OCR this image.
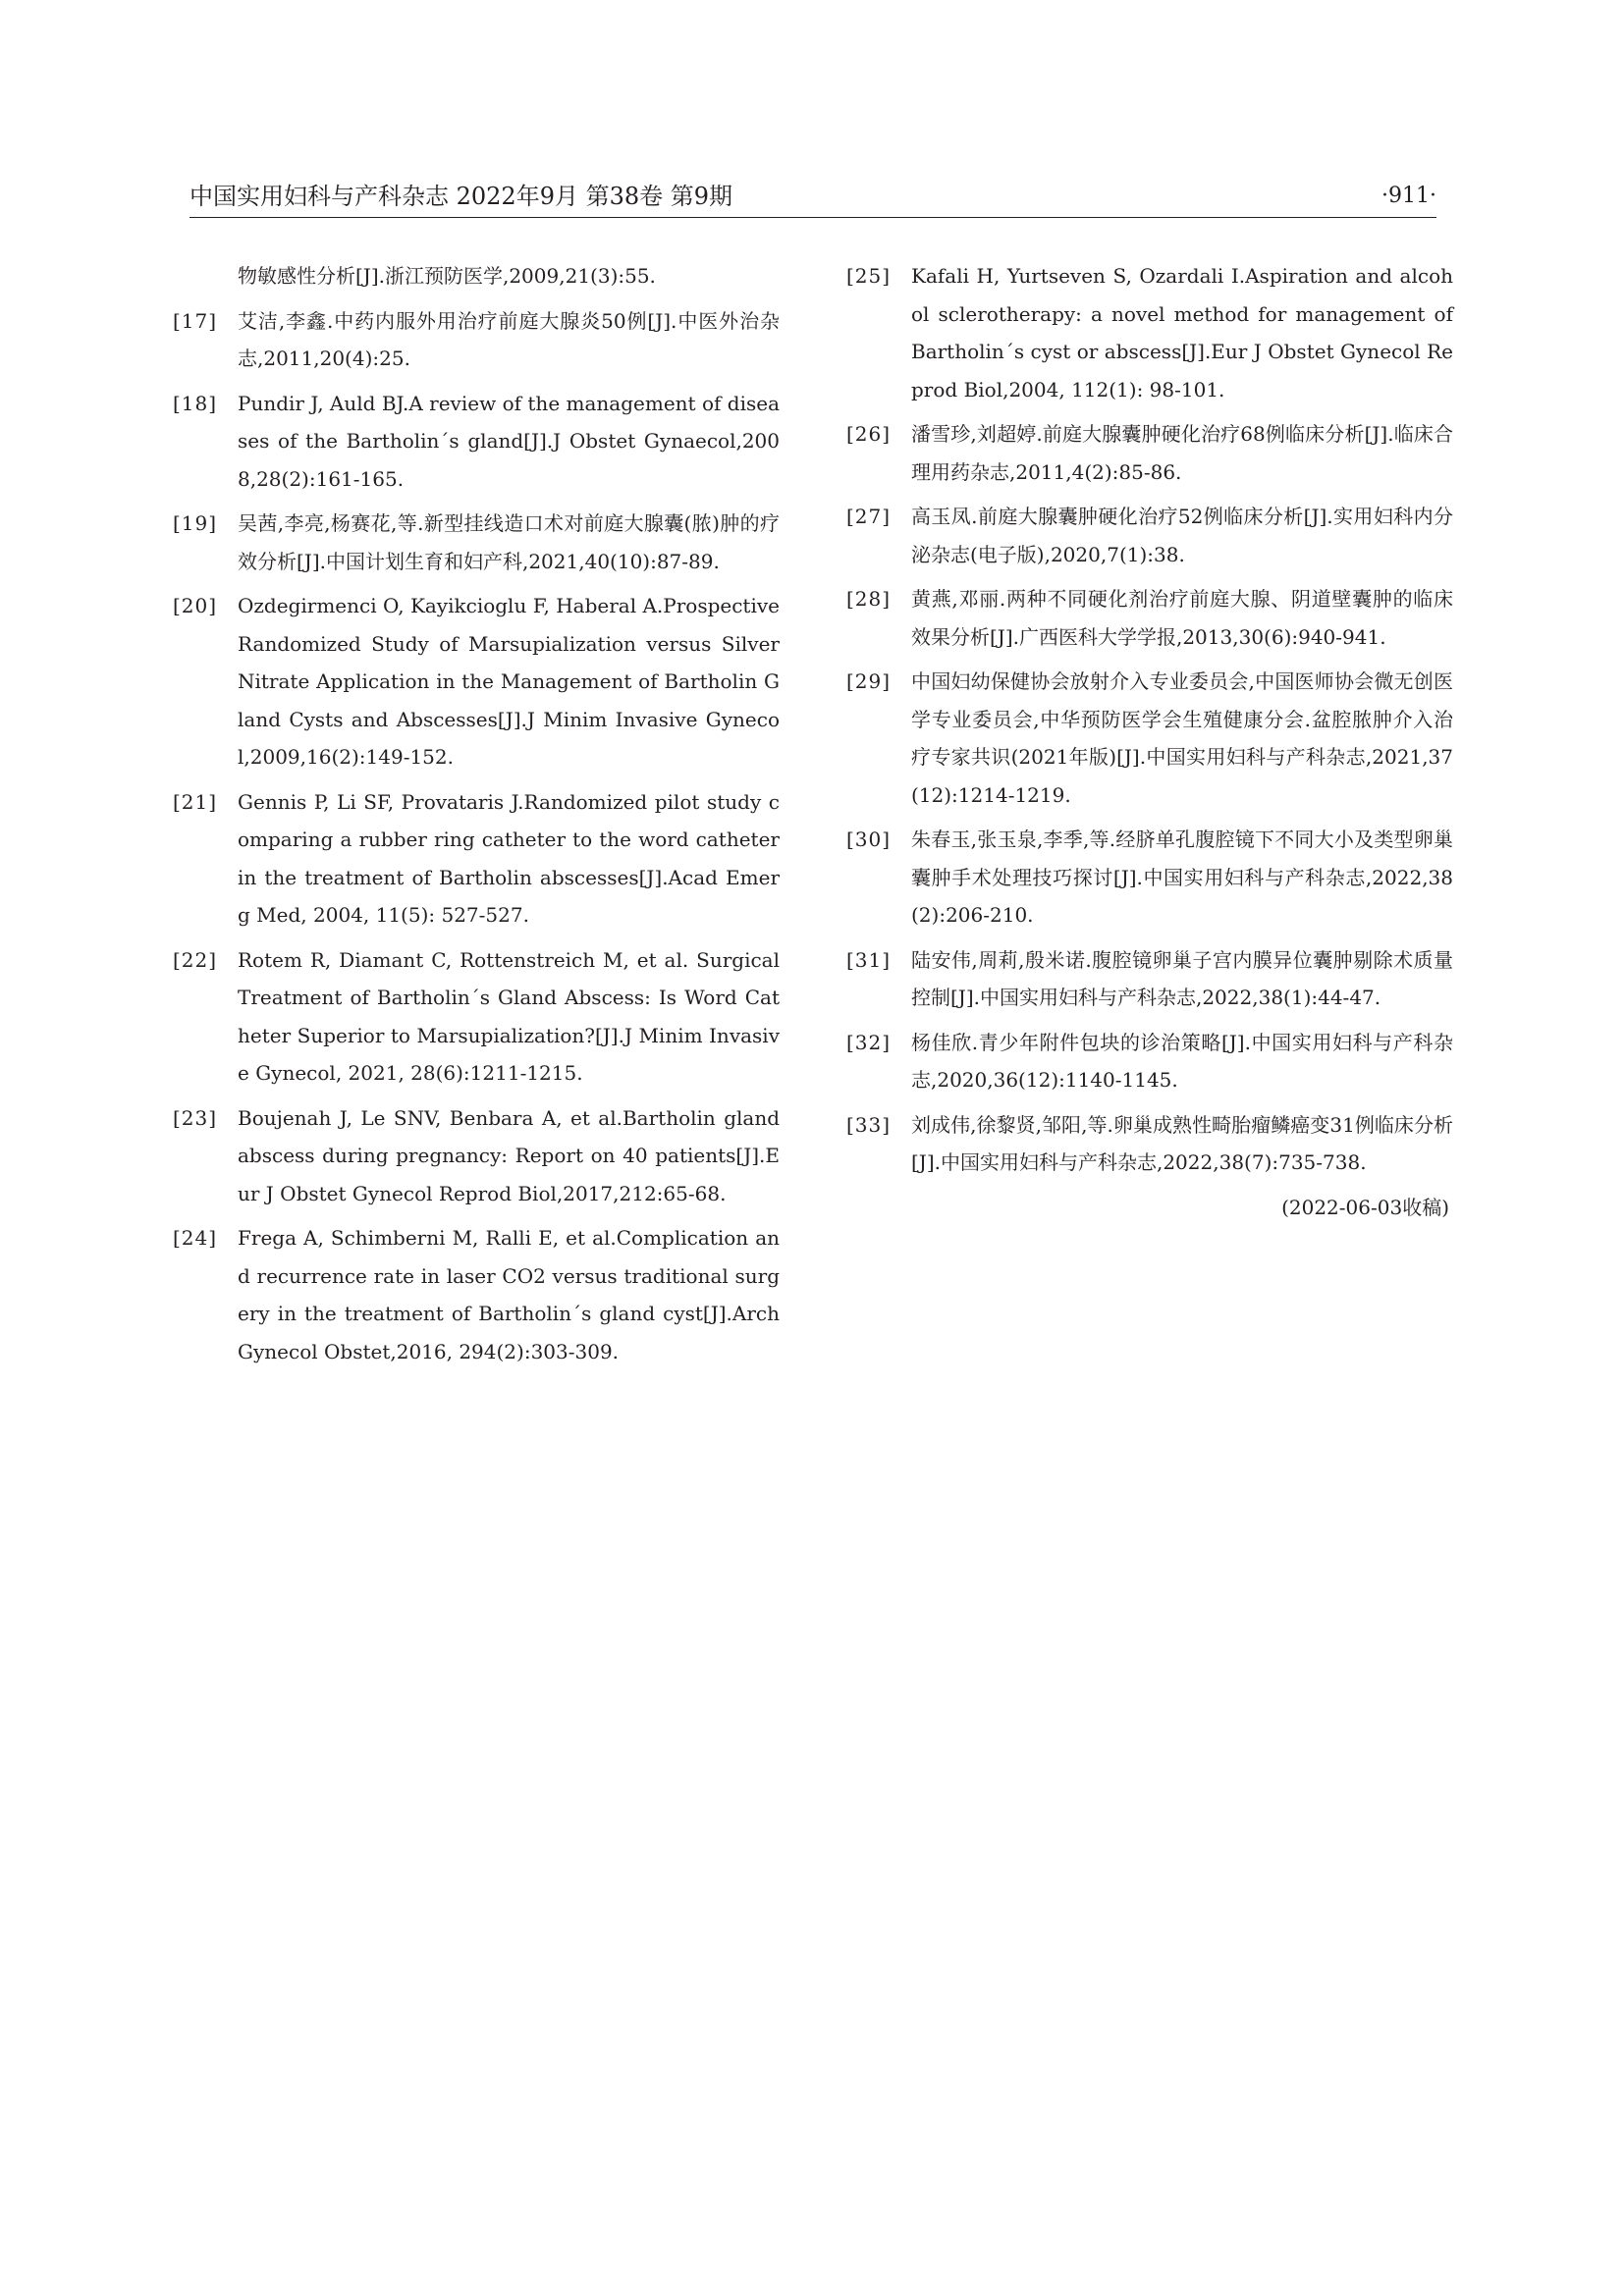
中国实用妇科与产科杂志 2022年9月 第38卷 第9期	·911·
物敏感性分析[J].浙江预防医学,2009,21(3):55.
[17]	艾洁,李鑫.中药内服外用治疗前庭大腺炎50例[J].中医外治杂志,2011,20(4):25.
[18]	Pundir J, Auld BJ.A review of the management of diseases of the Bartholin´s gland[J].J Obstet Gynaecol,2008,28(2):161-165.
[19]	吴茜,李亮,杨赛花,等.新型挂线造口术对前庭大腺囊(脓)肿的疗效分析[J].中国计划生育和妇产科,2021,40(10):87-89.
[20]	Ozdegirmenci O, Kayikcioglu F, Haberal A.Prospective Randomized Study of Marsupialization versus Silver Nitrate Application in the Management of Bartholin Gland Cysts and Abscesses[J].J Minim Invasive Gynecol,2009,16(2):149-152.
[21]	Gennis P, Li SF, Provataris J.Randomized pilot study comparing a rubber ring catheter to the word catheter in the treatment of Bartholin abscesses[J].Acad Emerg Med, 2004, 11(5): 527-527.
[22]	Rotem R, Diamant C, Rottenstreich M, et al. Surgical Treatment of Bartholin´s Gland Abscess: Is Word Catheter Superior to Marsupialization?[J].J Minim Invasive Gynecol, 2021, 28(6):1211-1215.
[23]	Boujenah J, Le SNV, Benbara A, et al.Bartholin gland abscess during pregnancy: Report on 40 patients[J].Eur J Obstet Gynecol Reprod Biol,2017,212:65-68.
[24]	Frega A, Schimberni M, Ralli E, et al.Complication and recurrence rate in laser CO2 versus traditional surgery in the treatment of Bartholin´s gland cyst[J].Arch Gynecol Obstet,2016, 294(2):303-309.
[25]	Kafali H, Yurtseven S, Ozardali I.Aspiration and alcohol sclerotherapy: a novel method for management of Bartholin´s cyst or abscess[J].Eur J Obstet Gynecol Reprod Biol,2004, 112(1): 98-101.
[26]	潘雪珍,刘超婷.前庭大腺囊肿硬化治疗68例临床分析[J].临床合理用药杂志,2011,4(2):85-86.
[27]	高玉凤.前庭大腺囊肿硬化治疗52例临床分析[J].实用妇科内分泌杂志(电子版),2020,7(1):38.
[28]	黄燕,邓丽.两种不同硬化剂治疗前庭大腺、阴道壁囊肿的临床效果分析[J].广西医科大学学报,2013,30(6):940-941.
[29]	中国妇幼保健协会放射介入专业委员会,中国医师协会微无创医学专业委员会,中华预防医学会生殖健康分会.盆腔脓肿介入治疗专家共识(2021年版)[J].中国实用妇科与产科杂志,2021,37(12):1214-1219.
[30]	朱春玉,张玉泉,李季,等.经脐单孔腹腔镜下不同大小及类型卵巢囊肿手术处理技巧探讨[J].中国实用妇科与产科杂志,2022,38(2):206-210.
[31]	陆安伟,周莉,殷米诺.腹腔镜卵巢子宫内膜异位囊肿剔除术质量控制[J].中国实用妇科与产科杂志,2022,38(1):44-47.
[32]	杨佳欣.青少年附件包块的诊治策略[J].中国实用妇科与产科杂志,2020,36(12):1140-1145.
[33]	刘成伟,徐黎贤,邹阳,等.卵巢成熟性畸胎瘤鳞癌变31例临床分析[J].中国实用妇科与产科杂志,2022,38(7):735-738.
(2022-06-03收稿)
